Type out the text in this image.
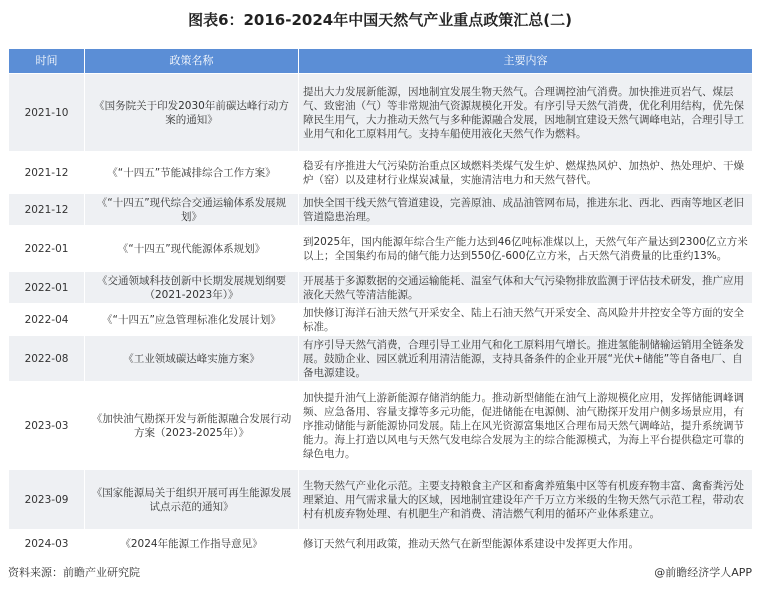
图表6：2016-2024年中国天然气产业重点政策汇总(二)
时间	政策名称	主要内容
2021-10	《国务院关于印发2030年前碳达峰行动方案的通知》	提出大力发展新能源，因地制宜发展生物天然气。合理调控油气消费。加快推进页岩气、煤层气、致密油（气）等非常规油气资源规模化开发。有序引导天然气消费，优化利用结构，优先保障民生用气，大力推动天然气与多种能源融合发展，因地制宜建设天然气调峰电站，合理引导工业用气和化工原料用气。支持车船使用液化天然气作为燃料。
2021-12	《“十四五”节能减排综合工作方案》	稳妥有序推进大气污染防治重点区域燃料类煤气发生炉、燃煤热风炉、加热炉、热处理炉、干燥炉（窑）以及建材行业煤炭减量，实施清洁电力和天然气替代。
2021-12	《“十四五”现代综合交通运输体系发展规划》	加快全国干线天然气管道建设，完善原油、成品油管网布局，推进东北、西北、西南等地区老旧管道隐患治理。
2022-01	《“十四五”现代能源体系规划》	到2025年，国内能源年综合生产能力达到46亿吨标准煤以上，天然气年产量达到2300亿立方米以上；全国集约布局的储气能力达到550亿-600亿立方米，占天然气消费量的比重约13%。
2022-01	《交通领域科技创新中长期发展规划纲要（2021-2023年）》	开展基于多源数据的交通运输能耗、温室气体和大气污染物排放监测于评估技术研发，推广应用液化天然气等清洁能源。
2022-04	《“十四五”应急管理标准化发展计划》	加快修订海洋石油天然气开采安全、陆上石油天然气开采安全、高风险井井控安全等方面的安全标准。
2022-08	《工业领域碳达峰实施方案》	有序引导天然气消费，合理引导工业用气和化工原料用气增长。推进氢能制储输运销用全链条发展。鼓励企业、园区就近利用清洁能源，支持具备条件的企业开展“光伏+储能”等自备电厂、自备电源建设。
2023-03	《加快油气勘探开发与新能源融合发展行动方案（2023-2025年）》	加快提升油气上游新能源存储消纳能力。推动新型储能在油气上游规模化应用，发挥储能调峰调频、应急备用、容量支撑等多元功能，促进储能在电源侧、油气勘探开发用户侧多场景应用，有序推动储能与新能源协同发展。陆上在风光资源富集地区合理布局天然气调峰站，提升系统调节能力。海上打造以风电与天然气发电综合发展为主的综合能源模式，为海上平台提供稳定可靠的绿色电力。
2023-09	《国家能源局关于组织开展可再生能源发展试点示范的通知》	生物天然气产业化示范。主要支持粮食主产区和畜禽养殖集中区等有机废弃物丰富、禽畜粪污处理紧迫、用气需求量大的区域，因地制宜建设年产千万立方米级的生物天然气示范工程，带动农村有机废弃物处理、有机肥生产和消费、清洁燃气利用的循环产业体系建立。
2024-03	《2024年能源工作指导意见》	修订天然气利用政策，推动天然气在新型能源体系建设中发挥更大作用。
资料来源：前瞻产业研究院	@前瞻经济学人APP
